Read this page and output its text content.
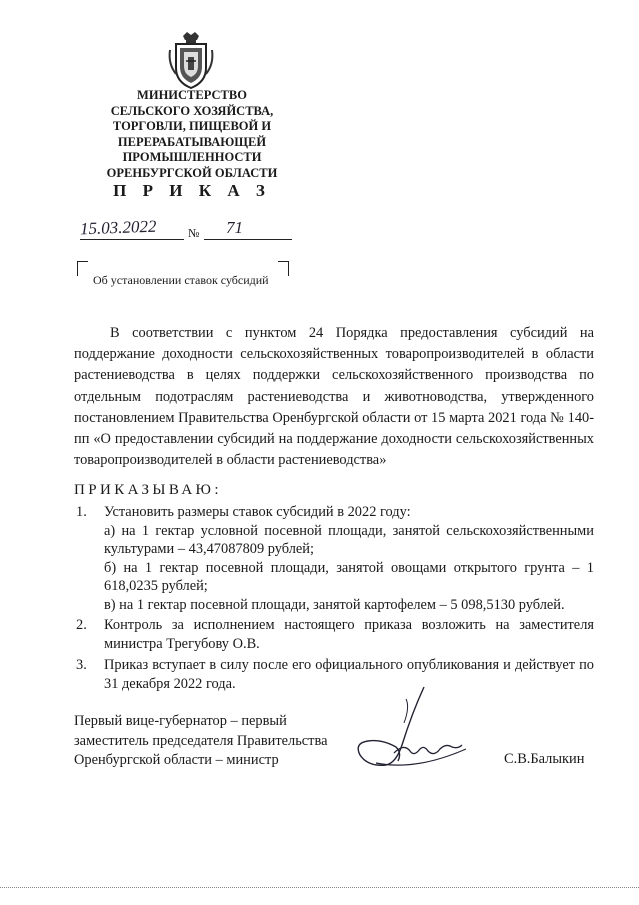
МИНИСТЕРСТВО
СЕЛЬСКОГО ХОЗЯЙСТВА,
ТОРГОВЛИ, ПИЩЕВОЙ И
ПЕРЕРАБАТЫВАЮЩЕЙ
ПРОМЫШЛЕННОСТИ
ОРЕНБУРГСКОЙ ОБЛАСТИ
П Р И К А З
15.03.2022	№ 71
Об установлении ставок субсидий

В соответствии с пунктом 24 Порядка предоставления субсидий на поддержание доходности сельскохозяйственных товаропроизводителей в области растениеводства в целях поддержки сельскохозяйственного производства по отдельным подотраслям растениеводства и животноводства, утвержденного постановлением Правительства Оренбургской области от 15 марта 2021 года № 140-пп «О предоставлении субсидий на поддержание доходности сельскохозяйственных товаропроизводителей в области растениеводства»

ПРИКАЗЫВАЮ:
1. Установить размеры ставок субсидий в 2022 году:
а) на 1 гектар условной посевной площади, занятой сельскохозяйственными культурами – 43,47087809 рублей;
б) на 1 гектар посевной площади, занятой овощами открытого грунта – 1 618,0235 рублей;
в) на 1 гектар посевной площади, занятой картофелем – 5 098,5130 рублей.
2. Контроль за исполнением настоящего приказа возложить на заместителя министра Трегубову О.В.
3. Приказ вступает в силу после его официального опубликования и действует по 31 декабря 2022 года.
Первый вице-губернатор – первый
заместитель председателя Правительства
Оренбургской области – министр	С.В.Балыкин
